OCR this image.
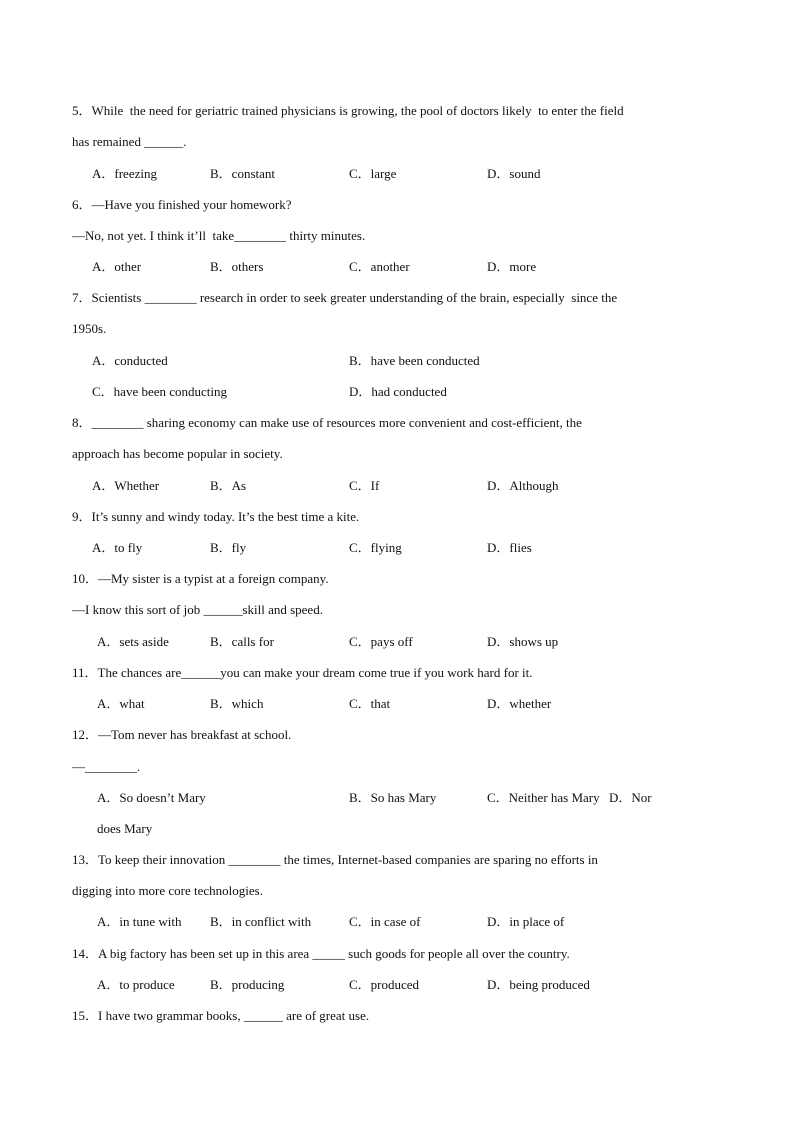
5．While  the need for geriatric trained physicians is growing, the pool of doctors likely  to enter the field
has remained ______.
A．freezing	B．constant	C．large	D．sound
6．—Have you finished your homework?
—No, not yet. I think it’ll  take________ thirty minutes.
A．other	B．others	C．another	D．more
7．Scientists ________ research in order to seek greater understanding of the brain, especially  since the
1950s.
A．conducted	B．have been conducted
C．have been conducting	D．had conducted
8．________ sharing economy can make use of resources more convenient and cost-efficient, the
approach has become popular in society.
A．Whether	B．As	C．If	D．Although
9．It’s sunny and windy today. It’s the best time a kite.
A．to fly	B．fly	C．flying	D．flies
10．—My sister is a typist at a foreign company.
—I know this sort of job ______skill and speed.
A．sets aside	B．calls for	C．pays off	D．shows up
11．The chances are______you can make your dream come true if you work hard for it.
A．what	B．which	C．that	D．whether
12．—Tom never has breakfast at school.
—________.
A．So doesn’t Mary	B．So has Mary	C．Neither has Mary D．Nor
does Mary
13．To keep their innovation ________ the times, Internet-based companies are sparing no efforts in
digging into more core technologies.
A．in tune with B．in conflict with	C．in case of	D．in place of
14．A big factory has been set up in this area _____ such goods for people all over the country.
A．to produce	B．producing	C．produced	D．being produced
15．I have two grammar books, ______ are of great use.
